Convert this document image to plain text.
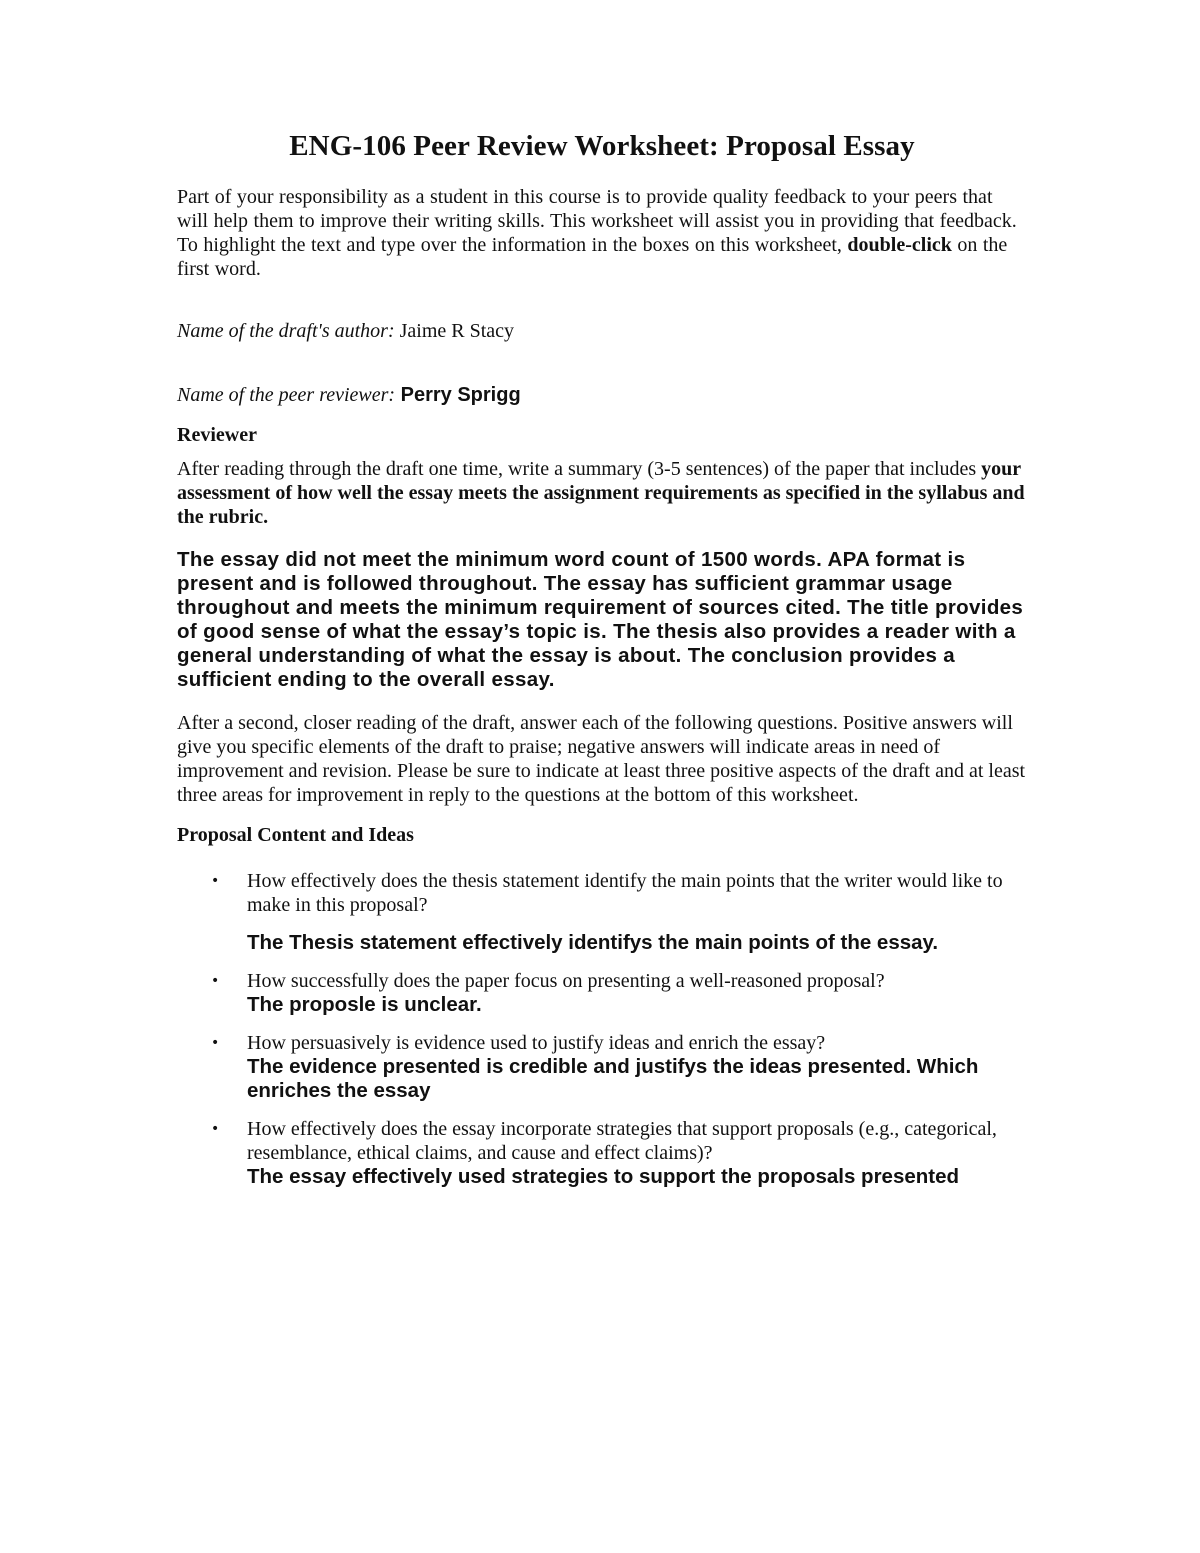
ENG-106 Peer Review Worksheet: Proposal Essay

Part of your responsibility as a student in this course is to provide quality feedback to your peers that will help them to improve their writing skills. This worksheet will assist you in providing that feedback. To highlight the text and type over the information in the boxes on this worksheet, double-click on the first word.

Name of the draft's author: Jaime R Stacy

Name of the peer reviewer: Perry Sprigg

Reviewer

After reading through the draft one time, write a summary (3-5 sentences) of the paper that includes your assessment of how well the essay meets the assignment requirements as specified in the syllabus and the rubric.

The essay did not meet the minimum word count of 1500 words. APA format is present and is followed throughout. The essay has sufficient grammar usage throughout and meets the minimum requirement of sources cited. The title provides of good sense of what the essay’s topic is. The thesis also provides a reader with a general understanding of what the essay is about. The conclusion provides a sufficient ending to the overall essay.

After a second, closer reading of the draft, answer each of the following questions. Positive answers will give you specific elements of the draft to praise; negative answers will indicate areas in need of improvement and revision. Please be sure to indicate at least three positive aspects of the draft and at least three areas for improvement in reply to the questions at the bottom of this worksheet.

Proposal Content and Ideas
• How effectively does the thesis statement identify the main points that the writer would like to make in this proposal?

The Thesis statement effectively identifys the main points of the essay.

• How successfully does the paper focus on presenting a well-reasoned proposal?

The proposle is unclear.

• How persuasively is evidence used to justify ideas and enrich the essay?

The evidence presented is credible and justifys the ideas presented. Which enriches the essay

• How effectively does the essay incorporate strategies that support proposals (e.g., categorical, resemblance, ethical claims, and cause and effect claims)?

The essay effectively used strategies to support the proposals presented
